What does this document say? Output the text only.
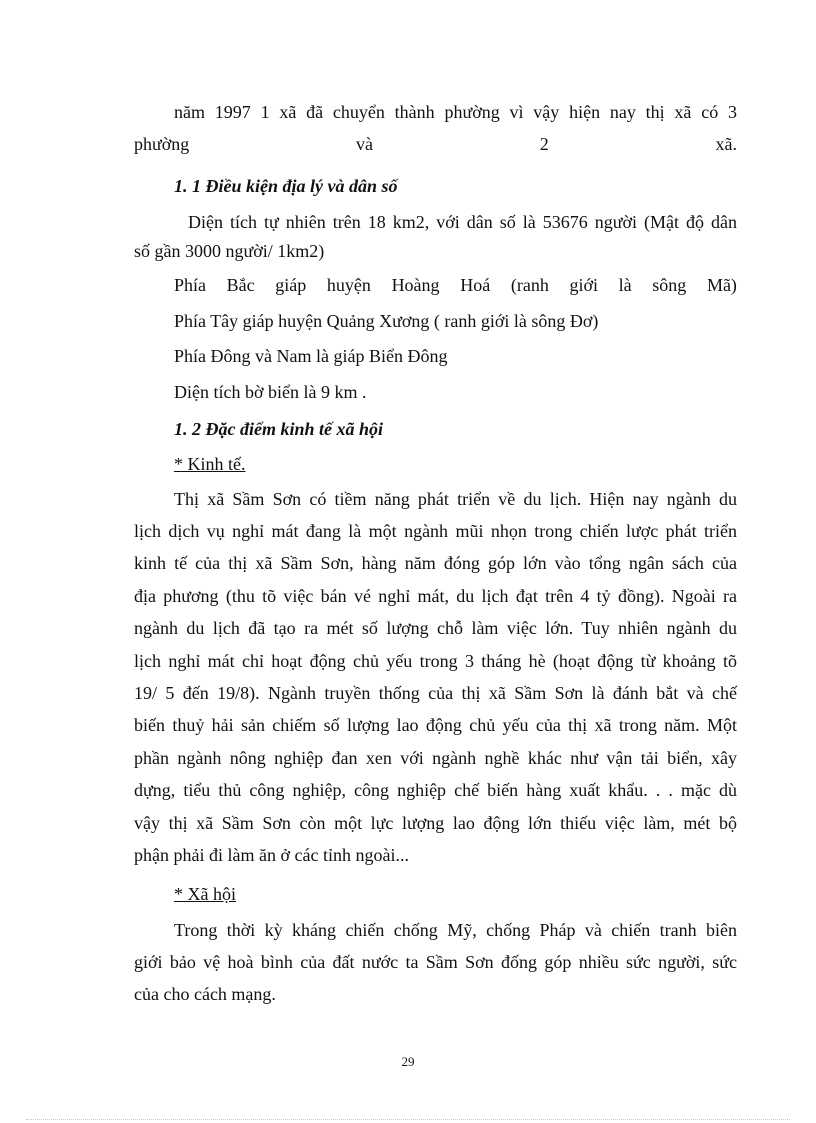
năm 1997 1 xã đã chuyển thành phường vì vậy hiện nay thị xã có 3
phường	và	2	xã.
1. 1 Điều kiện địa lý và dân số
Diện tích tự nhiên trên 18 km2, với dân số là 53676 người (Mật độ dân
số gần 3000 người/ 1km2)
Phía Bắc giáp huyện Hoàng Hoá (ranh giới là sông Mã)
Phía Tây giáp huyện Quảng Xương ( ranh giới là sông Đơ)
Phía Đông và Nam là giáp Biển Đông
Diện tích bờ biển là 9 km .
1. 2 Đặc điểm kinh tế xã hội
* Kinh tế.
Thị xã Sầm Sơn có tiềm năng phát triển về du lịch. Hiện nay ngành du
lịch dịch vụ nghỉ mát đang là một ngành mũi nhọn trong chiến lược phát triển
kinh tế của thị xã Sầm Sơn, hàng năm đóng góp lớn vào tổng ngân sách của
địa phương (thu tõ việc bán vé nghỉ mát, du lịch đạt trên 4 tỷ đồng). Ngoài ra
ngành du lịch đã tạo ra mét số lượng chỗ làm việc lớn. Tuy nhiên ngành du
lịch nghỉ mát chỉ hoạt động chủ yếu trong 3 tháng hè (hoạt động từ khoảng tõ
19/ 5 đến 19/8). Ngành truyền thống của thị xã Sầm Sơn là đánh bắt và chế
biến thuỷ hải sản chiếm số lượng lao động chủ yếu của thị xã trong năm. Một
phần ngành nông nghiệp đan xen với ngành nghề khác như vận tải biển, xây
dựng, tiểu thủ công nghiệp, công nghiệp chế biến hàng xuất khẩu. . . mặc dù
vậy thị xã Sầm Sơn còn một lực lượng lao động lớn thiếu việc làm, mét bộ
phận phải đi làm ăn ở các tỉnh ngoài...
* Xã hội
Trong thời kỳ kháng chiến chống Mỹ, chống Pháp và chiến tranh biên
giới bảo vệ hoà bình của đất nước ta Sầm Sơn đống góp nhiều sức người, sức
của cho cách mạng.
29
